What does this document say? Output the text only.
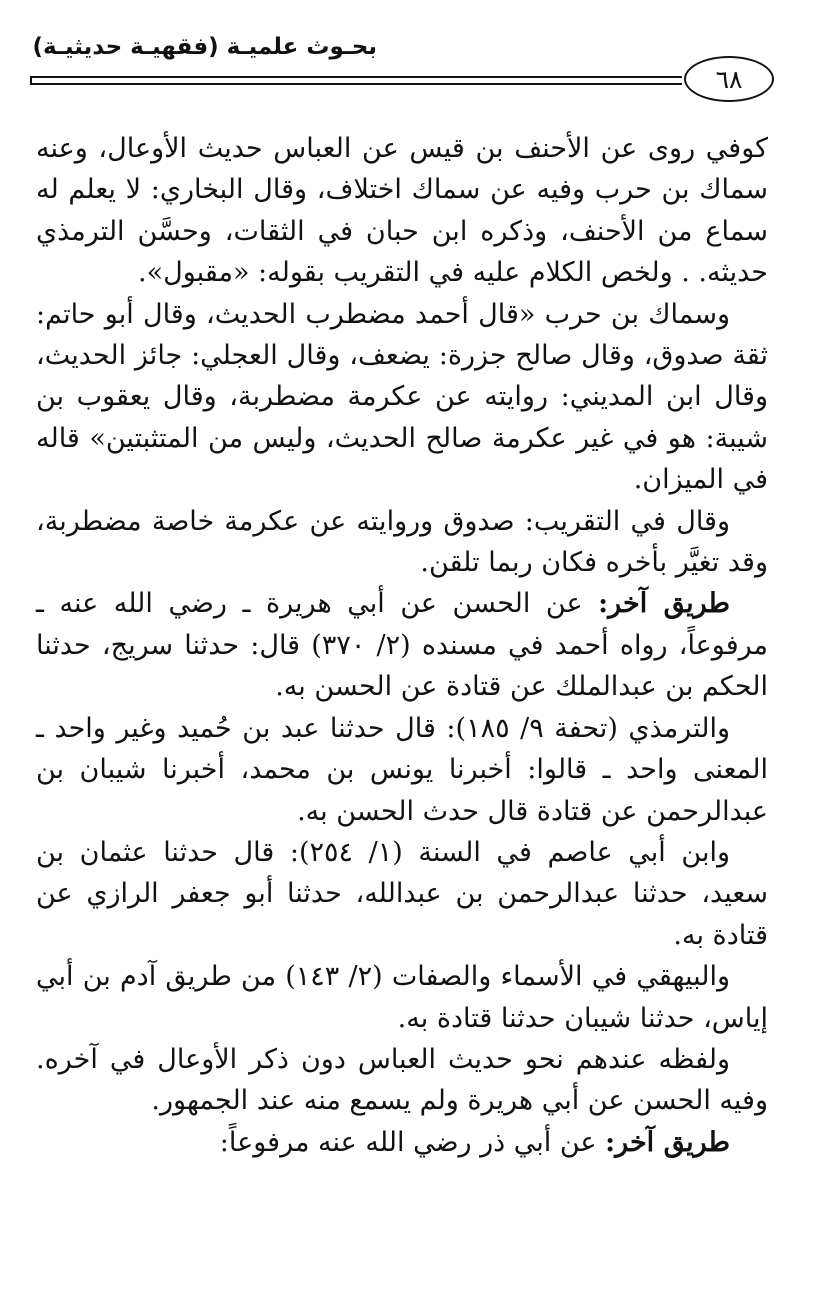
بحـوث علميـة (فقهيـة حديثيـة)
٦٨

كوفي روى عن الأحنف بن قيس عن العباس حديث الأوعال، وعنه سماك بن حرب وفيه عن سماك اختلاف، وقال البخاري: لا يعلم له سماع من الأحنف، وذكره ابن حبان في الثقات، وحسَّن الترمذي حديثه. . ولخص الكلام عليه في التقريب بقوله: «مقبول».

وسماك بن حرب «قال أحمد مضطرب الحديث، وقال أبو حاتم: ثقة صدوق، وقال صالح جزرة: يضعف، وقال العجلي: جائز الحديث، وقال ابن المديني: روايته عن عكرمة مضطربة، وقال يعقوب بن شيبة: هو في غير عكرمة صالح الحديث، وليس من المتثبتين» قاله في الميزان.

وقال في التقريب: صدوق وروايته عن عكرمة خاصة مضطربة، وقد تغيَّر بأخره فكان ربما تلقن.

طريق آخر: عن الحسن عن أبي هريرة ـ رضي الله عنه ـ مرفوعاً، رواه أحمد في مسنده (٢/ ٣٧٠) قال: حدثنا سريج، حدثنا الحكم بن عبدالملك عن قتادة عن الحسن به.

والترمذي (تحفة ٩/ ١٨٥): قال حدثنا عبد بن حُميد وغير واحد ـ المعنى واحد ـ قالوا: أخبرنا يونس بن محمد، أخبرنا شيبان بن عبدالرحمن عن قتادة قال حدث الحسن به.

وابن أبي عاصم في السنة (١/ ٢٥٤): قال حدثنا عثمان بن سعيد، حدثنا عبدالرحمن بن عبدالله، حدثنا أبو جعفر الرازي عن قتادة به.

والبيهقي في الأسماء والصفات (٢/ ١٤٣) من طريق آدم بن أبي إياس، حدثنا شيبان حدثنا قتادة به.

ولفظه عندهم نحو حديث العباس دون ذكر الأوعال في آخره. وفيه الحسن عن أبي هريرة ولم يسمع منه عند الجمهور.

طريق آخر: عن أبي ذر رضي الله عنه مرفوعاً:
